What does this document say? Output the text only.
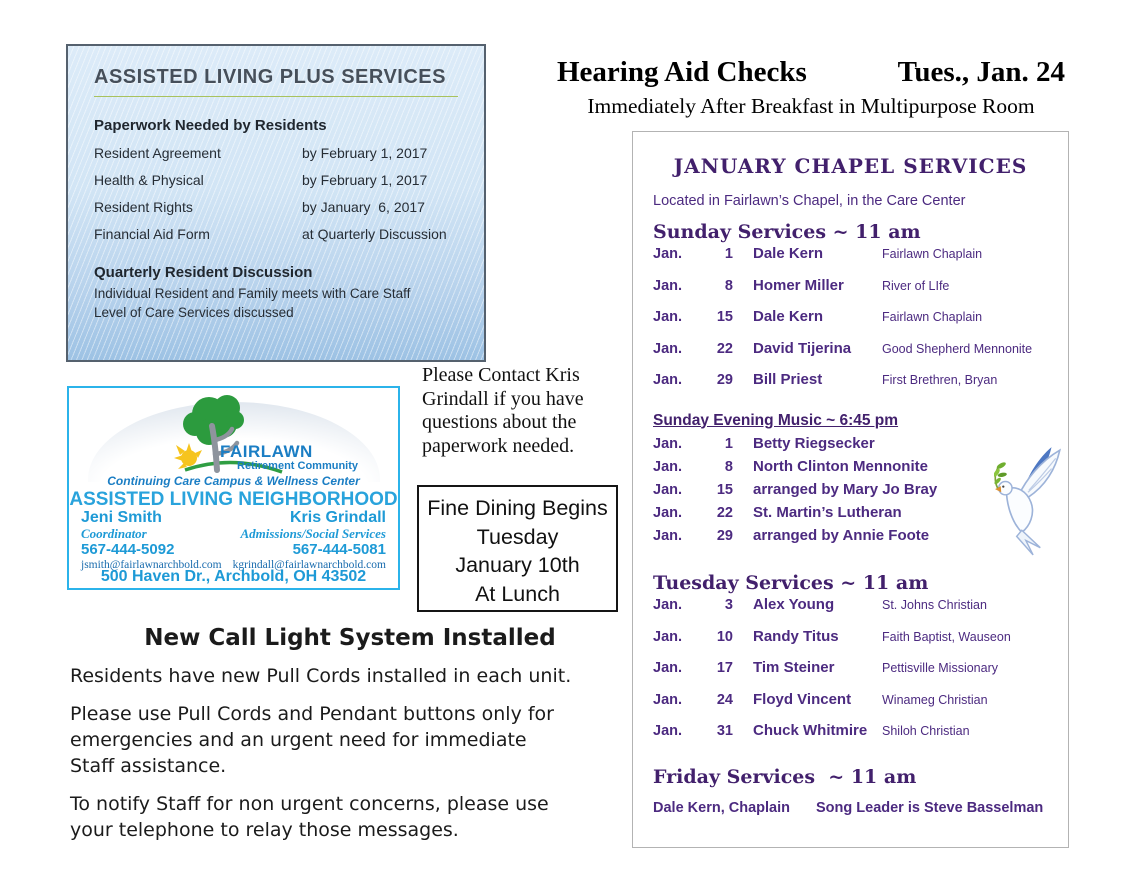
ASSISTED LIVING PLUS SERVICES
Paperwork Needed by Residents
Resident Agreement	by February 1, 2017
Health & Physical	by February 1, 2017
Resident Rights	by January  6, 2017
Financial Aid Form	at Quarterly Discussion
Quarterly Resident Discussion
Individual Resident and Family meets with Care Staff
Level of Care Services discussed
Hearing Aid Checks	Tues., Jan. 24
Immediately After Breakfast in Multipurpose Room
JANUARY CHAPEL SERVICES
Located in Fairlawn’s Chapel, in the Care Center
Sunday Services ~ 11 am
Jan.	1 Dale Kern	Fairlawn Chaplain
Jan.	8 Homer Miller	River of LIfe
Jan.	15 Dale Kern	Fairlawn Chaplain
Jan.	22 David Tijerina	Good Shepherd Mennonite
Jan.	29 Bill Priest	First Brethren, Bryan
Sunday Evening Music ~ 6:45 pm
Jan.	1 Betty Riegsecker
Jan.	8 North Clinton Mennonite
Jan.	15 arranged by Mary Jo Bray
Jan.	22 St. Martin’s Lutheran
Jan.	29 arranged by Annie Foote
Tuesday Services ~ 11 am
Jan.	3 Alex Young	St. Johns Christian
Jan.	10 Randy Titus	Faith Baptist, Wauseon
Jan.	17 Tim Steiner	Pettisville Missionary
Jan.	24 Floyd Vincent	Winameg Christian
Jan.	31 Chuck Whitmire	Shiloh Christian
Friday Services  ~ 11 am
Dale Kern, Chaplain	Song Leader is Steve Basselman
FAIRLAWN
Retirement Community
Continuing Care Campus & Wellness Center
ASSISTED LIVING NEIGHBORHOOD
Jeni Smith
Coordinator
567-444-5092
jsmith@fairlawnarchbold.com
Kris Grindall
Admissions/Social Services
567-444-5081
kgrindall@fairlawnarchbold.com
500 Haven Dr., Archbold, OH 43502
Please Contact Kris
Grindall if you have
questions about the
paperwork needed.
Fine Dining Begins
Tuesday
January 10th
At Lunch
New Call Light System Installed
Residents have new Pull Cords installed in each unit.
Please use Pull Cords and Pendant buttons only for
emergencies and an urgent need for immediate
Staff assistance.
To notify Staff for non urgent concerns, please use
your telephone to relay those messages.
